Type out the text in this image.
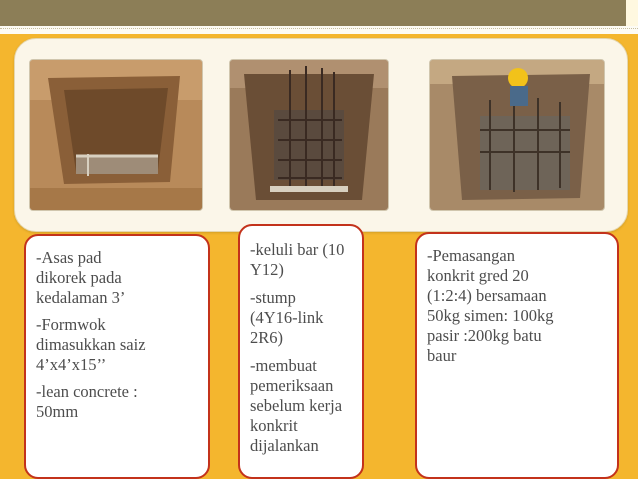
-Asas pad
dikorek pada
kedalaman 3’

-Formwok
dimasukkan saiz
4’x4’x15’’

-lean concrete :
50mm

-keluli bar (10
Y12)

-stump
(4Y16-link
2R6)

-membuat
pemeriksaan
sebelum kerja
konkrit
dijalankan

-Pemasangan
konkrit gred 20
(1:2:4) bersamaan
50kg simen: 100kg
pasir :200kg batu
baur
